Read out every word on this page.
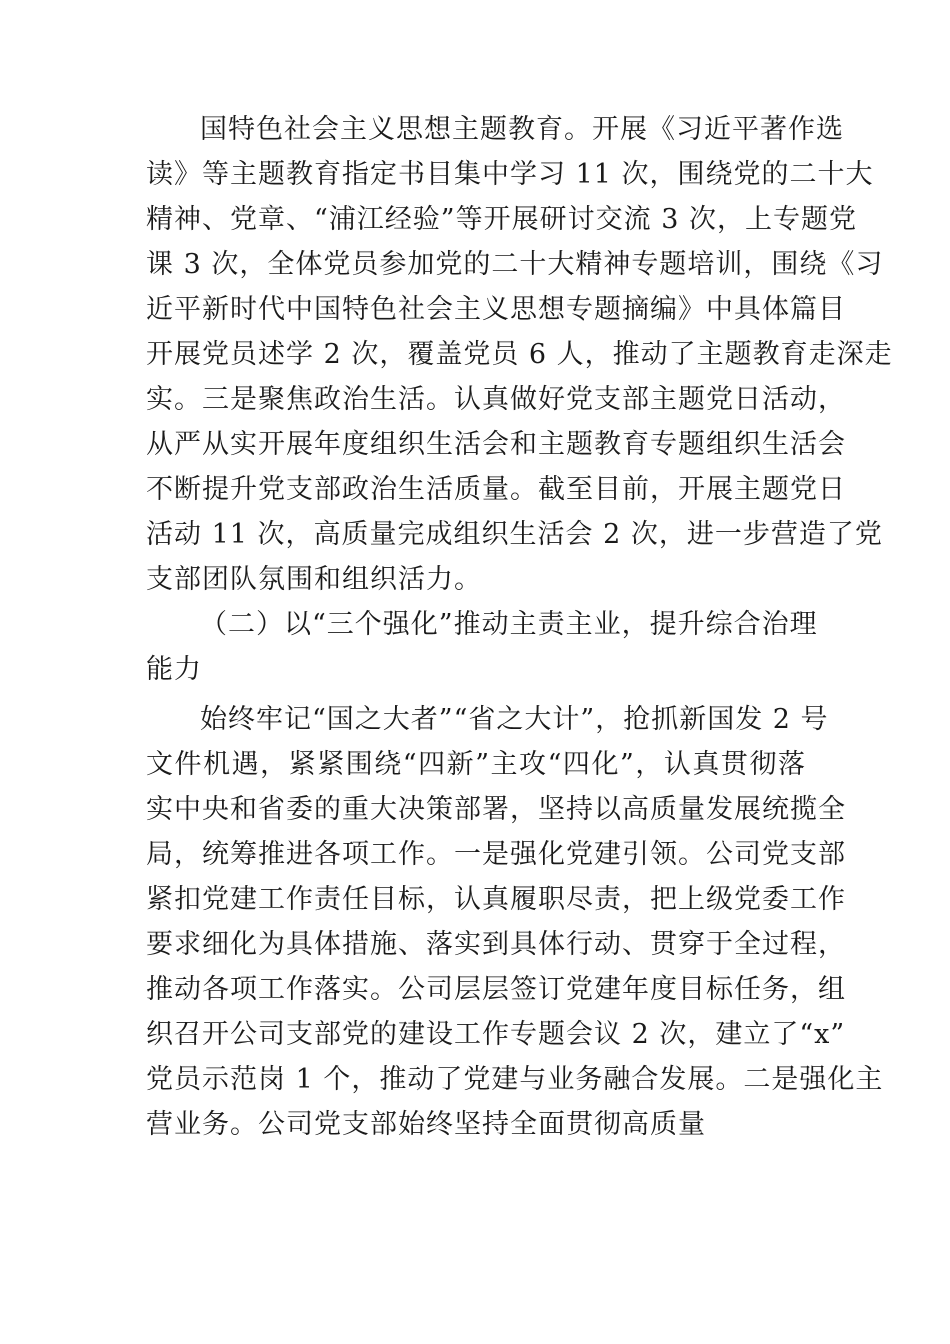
国特色社会主义思想主题教育。开展《习近平著作选
读》等主题教育指定书目集中学习 11 次，围绕党的二十大
精神、党章、“浦江经验”等开展研讨交流 3 次，上专题党
课 3 次，全体党员参加党的二十大精神专题培训，围绕《习
近平新时代中国特色社会主义思想专题摘编》中具体篇目
开展党员述学 2 次，覆盖党员 6 人，推动了主题教育走深走
实。三是聚焦政治生活。认真做好党支部主题党日活动，
从严从实开展年度组织生活会和主题教育专题组织生活会
不断提升党支部政治生活质量。截至目前，开展主题党日
活动 11 次，高质量完成组织生活会 2 次，进一步营造了党
支部团队氛围和组织活力。
（二）以“三个强化”推动主责主业，提升综合治理
能力
始终牢记“国之大者”“省之大计”，抢抓新国发 2 号
文件机遇，紧紧围绕“四新”主攻“四化”，认真贯彻落
实中央和省委的重大决策部署，坚持以高质量发展统揽全
局，统筹推进各项工作。一是强化党建引领。公司党支部
紧扣党建工作责任目标，认真履职尽责，把上级党委工作
要求细化为具体措施、落实到具体行动、贯穿于全过程，
推动各项工作落实。公司层层签订党建年度目标任务，组
织召开公司支部党的建设工作专题会议 2 次，建立了“x”
党员示范岗 1 个，推动了党建与业务融合发展。二是强化主
营业务。公司党支部始终坚持全面贯彻高质量
